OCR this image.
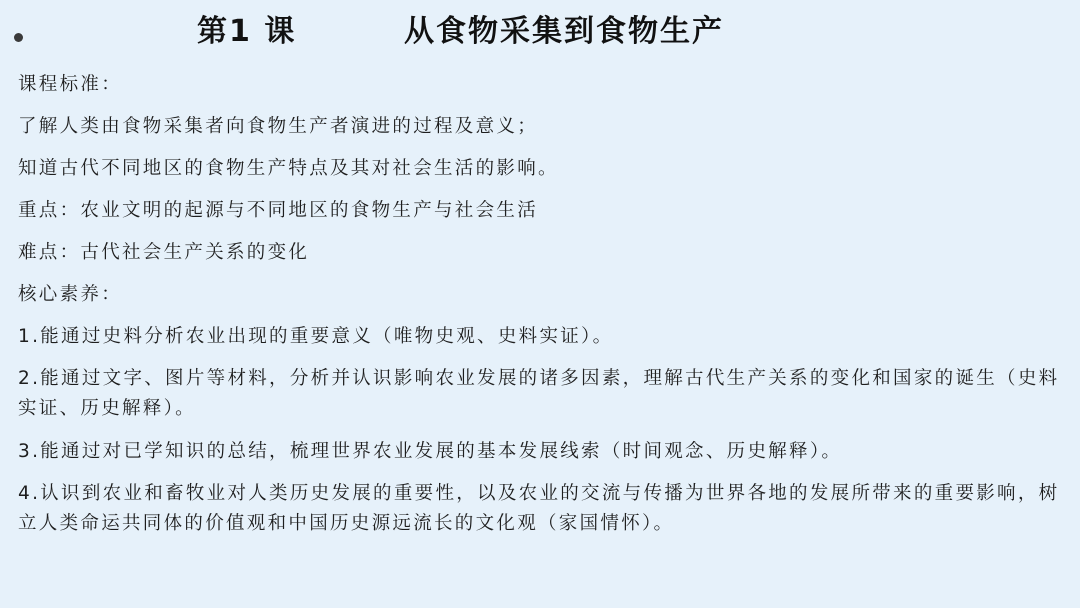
第1 课	从食物采集到食物生产
课程标准：
了解人类由食物采集者向食物生产者演进的过程及意义；
知道古代不同地区的食物生产特点及其对社会生活的影响。
重点：农业文明的起源与不同地区的食物生产与社会生活
难点：古代社会生产关系的变化
核心素养：
1.能通过史料分析农业出现的重要意义（唯物史观、史料实证）。
2.能通过文字、图片等材料，分析并认识影响农业发展的诸多因素，理解古代生产关系的变化和国家的诞生（史料实证、历史解释）。
3.能通过对已学知识的总结，梳理世界农业发展的基本发展线索（时间观念、历史解释）。
4.认识到农业和畜牧业对人类历史发展的重要性，以及农业的交流与传播为世界各地的发展所带来的重要影响，树立人类命运共同体的价值观和中国历史源远流长的文化观（家国情怀）。
